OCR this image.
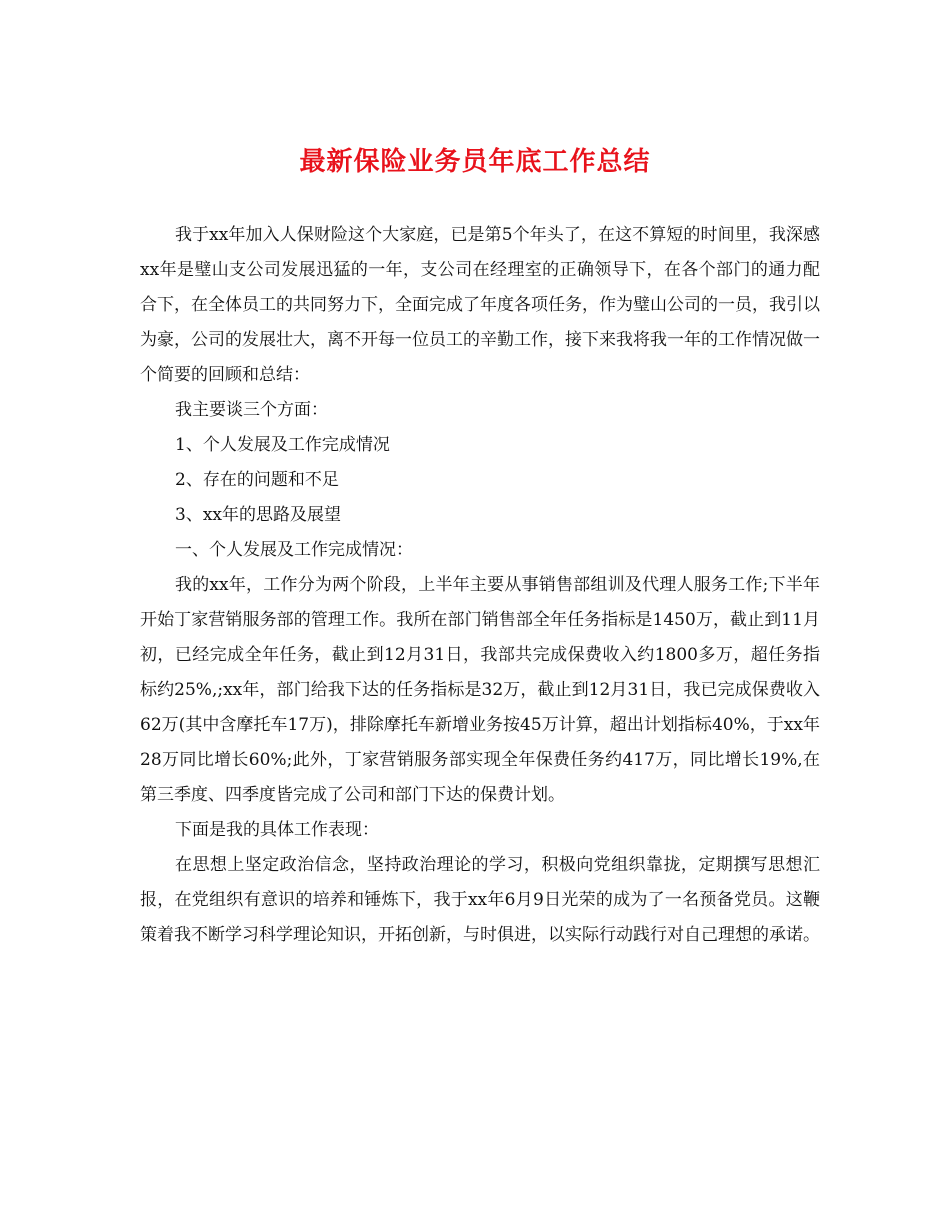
最新保险业务员年底工作总结

我于xx年加入人保财险这个大家庭，已是第5个年头了，在这不算短的时间里，我深感xx年是璧山支公司发展迅猛的一年，支公司在经理室的正确领导下，在各个部门的通力配合下，在全体员工的共同努力下，全面完成了年度各项任务，作为璧山公司的一员，我引以为豪，公司的发展壮大，离不开每一位员工的辛勤工作，接下来我将我一年的工作情况做一个简要的回顾和总结：

我主要谈三个方面：

1、个人发展及工作完成情况

2、存在的问题和不足

3、xx年的思路及展望

一、个人发展及工作完成情况：

我的xx年，工作分为两个阶段，上半年主要从事销售部组训及代理人服务工作;下半年开始丁家营销服务部的管理工作。我所在部门销售部全年任务指标是1450万，截止到11月初，已经完成全年任务，截止到12月31日，我部共完成保费收入约1800多万，超任务指标约25%,;xx年，部门给我下达的任务指标是32万，截止到12月31日，我已完成保费收入62万(其中含摩托车17万)，排除摩托车新增业务按45万计算，超出计划指标40%，于xx年28万同比增长60%;此外，丁家营销服务部实现全年保费任务约417万，同比增长19%,在第三季度、四季度皆完成了公司和部门下达的保费计划。

下面是我的具体工作表现：

在思想上坚定政治信念，坚持政治理论的学习，积极向党组织靠拢，定期撰写思想汇报，在党组织有意识的培养和锤炼下，我于xx年6月9日光荣的成为了一名预备党员。这鞭策着我不断学习科学理论知识，开拓创新，与时俱进，以实际行动践行对自己理想的承诺。
